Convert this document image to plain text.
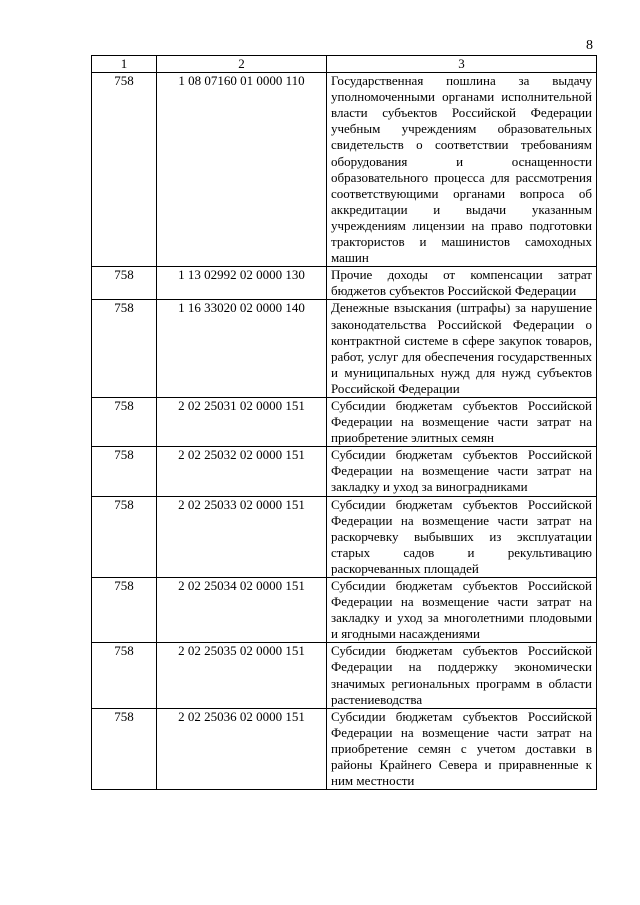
8
1	2	3
758	1 08 07160 01 0000 110	Государственная пошлина за выдачу уполномоченными органами исполнительной власти субъектов Российской Федерации учебным учреждениям образовательных свидетельств о соответствии требованиям оборудования и оснащенности образовательного процесса для рассмотрения соответствующими органами вопроса об аккредитации и выдачи указанным учреждениям лицензии на право подготовки трактористов и машинистов самоходных машин
758	1 13 02992 02 0000 130	Прочие доходы от компенсации затрат бюджетов субъектов Российской Федерации
758	1 16 33020 02 0000 140	Денежные взыскания (штрафы) за нарушение законодательства Российской Федерации о контрактной системе в сфере закупок товаров, работ, услуг для обеспечения государственных и муниципальных нужд для нужд субъектов Российской Федерации
758	2 02 25031 02 0000 151	Субсидии бюджетам субъектов Российской Федерации на возмещение части затрат на приобретение элитных семян
758	2 02 25032 02 0000 151	Субсидии бюджетам субъектов Российской Федерации на возмещение части затрат на закладку и уход за виноградниками
758	2 02 25033 02 0000 151	Субсидии бюджетам субъектов Российской Федерации на возмещение части затрат на раскорчевку выбывших из эксплуатации старых садов и рекультивацию раскорчеванных площадей
758	2 02 25034 02 0000 151	Субсидии бюджетам субъектов Российской Федерации на возмещение части затрат на закладку и уход за многолетними плодовыми и ягодными насаждениями
758	2 02 25035 02 0000 151	Субсидии бюджетам субъектов Российской Федерации на поддержку экономически значимых региональных программ в области растениеводства
758	2 02 25036 02 0000 151	Субсидии бюджетам субъектов Российской Федерации на возмещение части затрат на приобретение семян с учетом доставки в районы Крайнего Севера и приравненные к ним местности
